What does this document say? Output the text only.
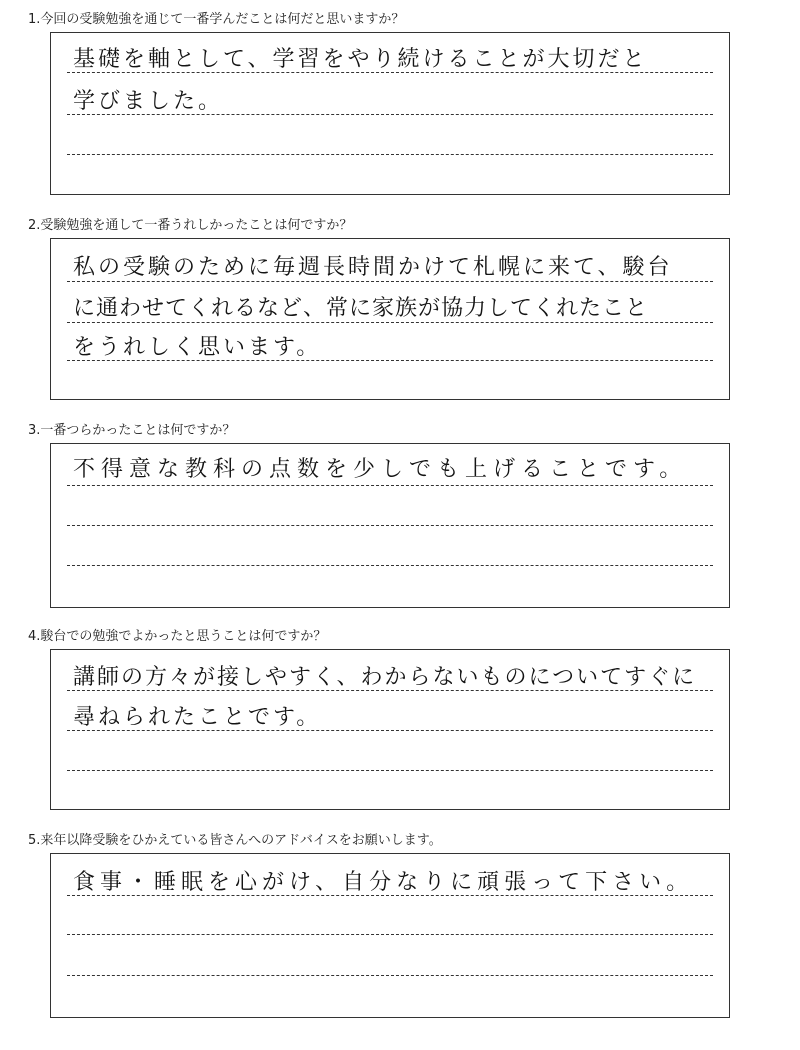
1.今回の受験勉強を通じて一番学んだことは何だと思いますか？
基礎を軸として、学習をやり続けることが大切だと
学びました。
2.受験勉強を通して一番うれしかったことは何ですか？
私の受験のために毎週長時間かけて札幌に来て、駿台
に通わせてくれるなど、常に家族が協力してくれたこと
をうれしく思います。
3.一番つらかったことは何ですか？
不得意な教科の点数を少しでも上げることです。
4.駿台での勉強でよかったと思うことは何ですか？
講師の方々が接しやすく、わからないものについてすぐに
尋ねられたことです。
5.来年以降受験をひかえている皆さんへのアドバイスをお願いします。
食事・睡眠を心がけ、自分なりに頑張って下さい。
